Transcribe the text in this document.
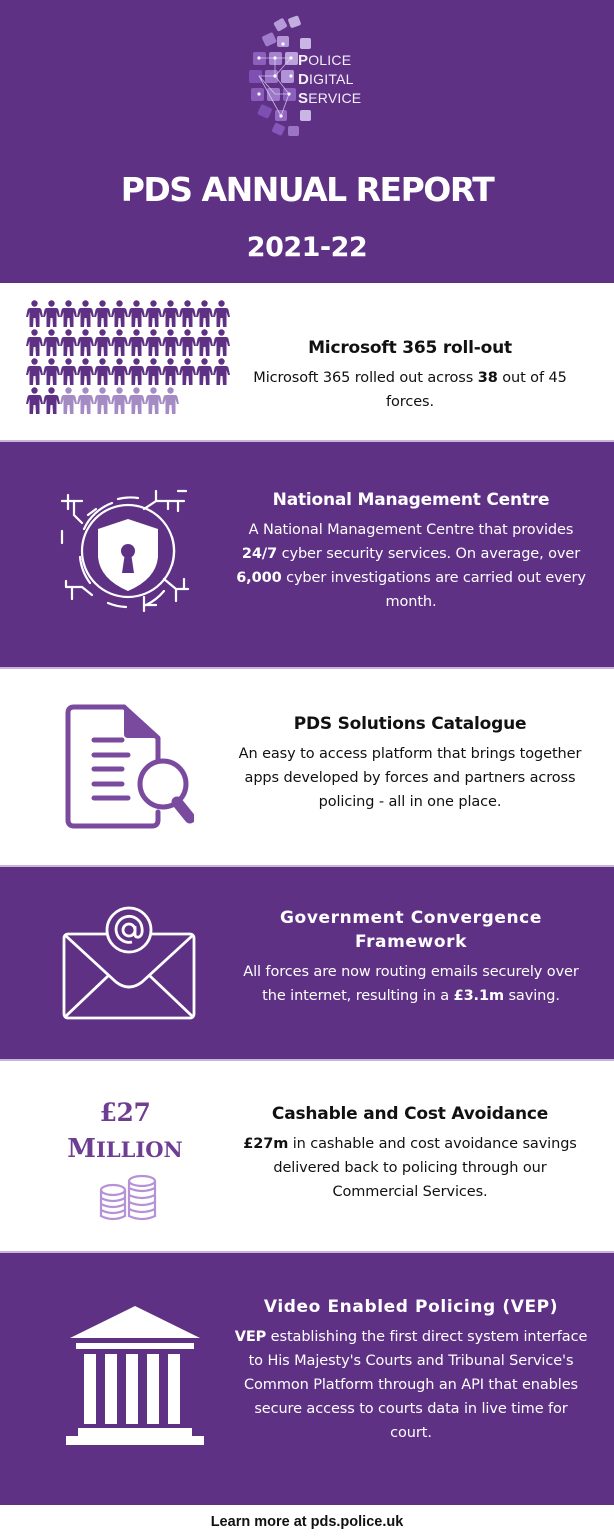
POLICE
DIGITAL
SERVICE
PDS ANNUAL REPORT
2021-22
Microsoft 365 roll-out
Microsoft 365 rolled out across 38 out of 45 forces.
National Management Centre
A National Management Centre that provides 24/7 cyber security services. On average, over 6,000 cyber investigations are carried out every month.
PDS Solutions Catalogue
An easy to access platform that brings together apps developed by forces and partners across policing - all in one place.
Government Convergence
Framework
All forces are now routing emails securely over the internet, resulting in a £3.1m saving.
£27
MILLION
Cashable and Cost Avoidance
£27m in cashable and cost avoidance savings delivered back to policing through our Commercial Services.
Video Enabled Policing (VEP)
VEP establishing the first direct system interface to His Majesty's Courts and Tribunal Service's Common Platform through an API that enables secure access to courts data in live time for court.
Learn more at pds.police.uk
